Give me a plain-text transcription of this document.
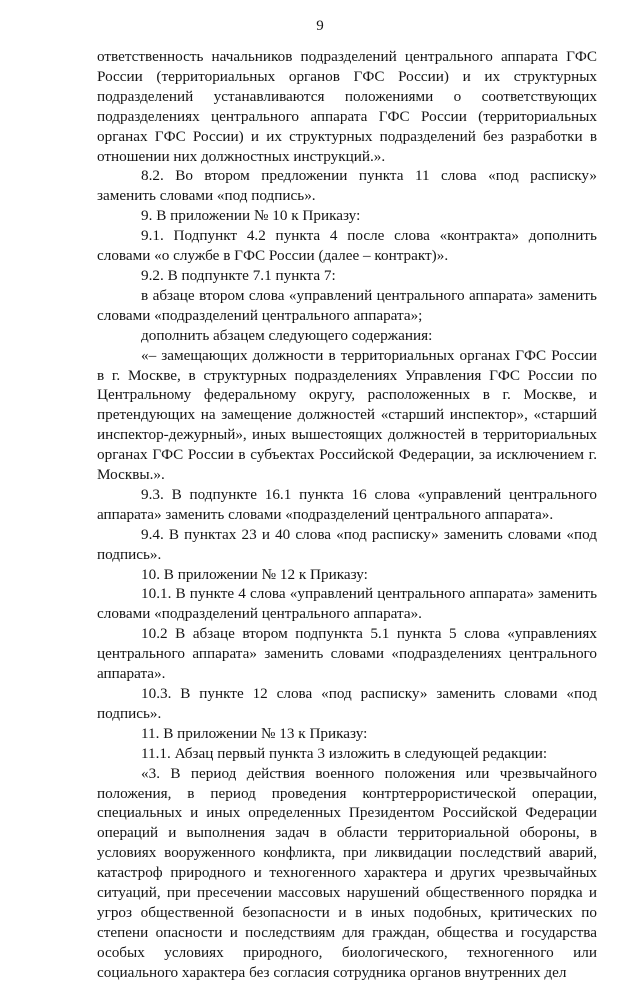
9

ответственность начальников подразделений центрального аппарата ГФС России (территориальных органов ГФС России) и их структурных подразделений устанавливаются положениями о соответствующих подразделениях центрального аппарата ГФС России (территориальных органах ГФС России) и их структурных подразделений без разработки в отношении них должностных инструкций.».

8.2. Во втором предложении пункта 11 слова «под расписку» заменить словами «под подпись».

9. В приложении № 10 к Приказу:

9.1. Подпункт 4.2 пункта 4 после слова «контракта» дополнить словами «о службе в ГФС России (далее – контракт)».

9.2. В подпункте 7.1 пункта 7:

в абзаце втором слова «управлений центрального аппарата» заменить словами «подразделений центрального аппарата»;

дополнить абзацем следующего содержания:

«– замещающих должности в территориальных органах ГФС России в г. Москве, в структурных подразделениях Управления ГФС России по Центральному федеральному округу, расположенных в г. Москве, и претендующих на замещение должностей «старший инспектор», «старший инспектор-дежурный», иных вышестоящих должностей в территориальных органах ГФС России в субъектах Российской Федерации, за исключением г. Москвы.».

9.3. В подпункте 16.1 пункта 16 слова «управлений центрального аппарата» заменить словами «подразделений центрального аппарата».

9.4. В пунктах 23 и 40 слова «под расписку» заменить словами «под подпись».

10. В приложении № 12 к Приказу:

10.1. В пункте 4 слова «управлений центрального аппарата» заменить словами «подразделений центрального аппарата».

10.2 В абзаце втором подпункта 5.1 пункта 5 слова «управлениях центрального аппарата» заменить словами «подразделениях центрального аппарата».

10.3. В пункте 12 слова «под расписку» заменить словами «под подпись».

11. В приложении № 13 к Приказу:

11.1. Абзац первый пункта 3 изложить в следующей редакции:

«3. В период действия военного положения или чрезвычайного положения, в период проведения контртеррористической операции, специальных и иных определенных Президентом Российской Федерации операций и выполнения задач в области территориальной обороны, в условиях вооруженного конфликта, при ликвидации последствий аварий, катастроф природного и техногенного характера и других чрезвычайных ситуаций, при пресечении массовых нарушений общественного порядка и угроз общественной безопасности и в иных подобных, критических по степени опасности и последствиям для граждан, общества и государства особых условиях природного, биологического, техногенного или социального характера без согласия сотрудника органов внутренних дел
